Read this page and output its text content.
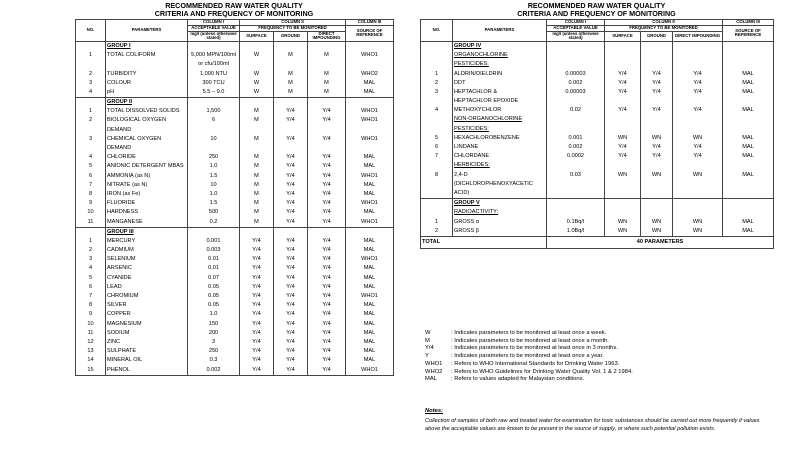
RECOMMENDED RAW WATER QUALITY
CRITERIA AND FREQUENCY OF MONITORING
NO.	PARAMETERS	COLUMN I	COLUMN II			COLUMN III
		ACCEPTABLE VALUE	FREQUENCY TO BE MONITORED			SOURCE OF REFERENCE
		mg/l (unless otherwise stated)	SURFACE	GROUND	DIRECT IMPOUNDING	
	GROUP I					
1	TOTAL COLIFORM	5,000 MPN/100ml	W	M	M	WHO1
		or cfu/100ml				
2	TURBIDITY	1,000 NTU	W	M	M	WHO2
3	COLOUR	300 TCU	W	M	M	MAL
4	pH	5.5 – 9.0	W	M	M	MAL
	GROUP II					
1	TOTAL DISSOLVED SOLIDS	1,500	M	Y/4	Y/4	WHO1
2	BIOLOGICAL OXYGEN	6	M	Y/4	Y/4	WHO1
	DEMAND					
3	CHEMICAL OXYGEN	10	M	Y/4	Y/4	WHO1
	DEMAND					
4	CHLORIDE	250	M	Y/4	Y/4	MAL
5	ANIONIC DETERGENT MBAS	1.0	M	Y/4	Y/4	MAL
6	AMMONIA (as N)	1.5	M	Y/4	Y/4	WHO1
7	NITRATE (as N)	10	M	Y/4	Y/4	MAL
8	IRON (as Fe)	1.0	M	Y/4	Y/4	MAL
9	FLUORIDE	1.5	M	Y/4	Y/4	WHO1
10	HARDNESS	500	M	Y/4	Y/4	MAL
11	MANGANESE	0.2	M	Y/4	Y/4	WHO1
	GROUP III					
1	MERCURY	0.001	Y/4	Y/4	Y/4	MAL
2	CADMIUM	0.003	Y/4	Y/4	Y/4	MAL
3	SELENIUM	0.01	Y/4	Y/4	Y/4	WHO1
4	ARSENIC	0.01	Y/4	Y/4	Y/4	MAL
5	CYANIDE	0.07	Y/4	Y/4	Y/4	MAL
6	LEAD	0.05	Y/4	Y/4	Y/4	MAL
7	CHROMIUM	0.05	Y/4	Y/4	Y/4	WHO1
8	SILVER	0.05	Y/4	Y/4	Y/4	MAL
9	COPPER	1.0	Y/4	Y/4	Y/4	MAL
10	MAGNESIUM	150	Y/4	Y/4	Y/4	MAL
11	SODIUM	200	Y/4	Y/4	Y/4	MAL
12	ZINC	3	Y/4	Y/4	Y/4	MAL
13	SULPHATE	250	Y/4	Y/4	Y/4	MAL
14	MINERAL OIL	0.3	Y/4	Y/4	Y/4	MAL
15	PHENOL	0.002	Y/4	Y/4	Y/4	WHO1
RECOMMENDED RAW WATER QUALITY
CRITERIA AND FREQUENCY OF MONITORING
NO.	PARAMETERS	COLUMN I	COLUMN II			COLUMN III
		ACCEPTABLE VALUE	FREQUENCY TO BE MONITORED			SOURCE OF REFERENCE
		mg/l (unless otherwise stated)	SURFACE	GROUND	DIRECT IMPOUNDING	
	GROUP IV					
	ORGANOCHLORINE					
	PESTICIDES:					
1	ALDRIN/DIELDRIN	0.00003	Y/4	Y/4	Y/4	MAL
2	DDT	0.002	Y/4	Y/4	Y/4	MAL
3	HEPTACHLOR &	0.00003	Y/4	Y/4	Y/4	MAL
	HEPTACHLOR EPOXIDE					
4	METHOXYCHLOR	0.02	Y/4	Y/4	Y/4	MAL
	NON-ORGANOCHLORINE					
	PESTICIDES:					
5	HEXACHLOROBENZENE	0.001	WN	WN	WN	MAL
6	LINDANE	0.002	Y/4	Y/4	Y/4	MAL
7	CHLORDANE	0.0002	Y/4	Y/4	Y/4	MAL
	HERBICIDES:					
8	2,4-D	0.03	WN	WN	WN	MAL
	(DICHLOROPHENOXYACETIC					
	ACID)					
	GROUP V					
	RADIOACTIVITY:					
1	GROSS α	0.1Bq/l	WN	WN	WN	MAL
2	GROSS β	1.0Bq/l	WN	WN	WN	MAL
TOTAL		40 PARAMETERS				
W	: Indicates parameters to be monitored at least once a week.
M	: Indicates parameters to be monitored at least once a month.
Y/4	: Indicates parameters to be monitored at least once in 3 months.
Y	: Indicates parameters to be monitored at least once a year.
WHO1 : Refers to WHO International Standards for Drinking Water 1963.
WHO2 : Refers to WHO Guidelines for Drinking Water Quality Vol. 1 & 2 1984.
MAL : Refers to values adapted for Malaysian conditions.
Notes:
Collection of samples of both raw and treated water for examination for toxic substances should be carried out more frequently if values above the acceptable values are known to be present in the source of supply, or where such potential pollution exists.
